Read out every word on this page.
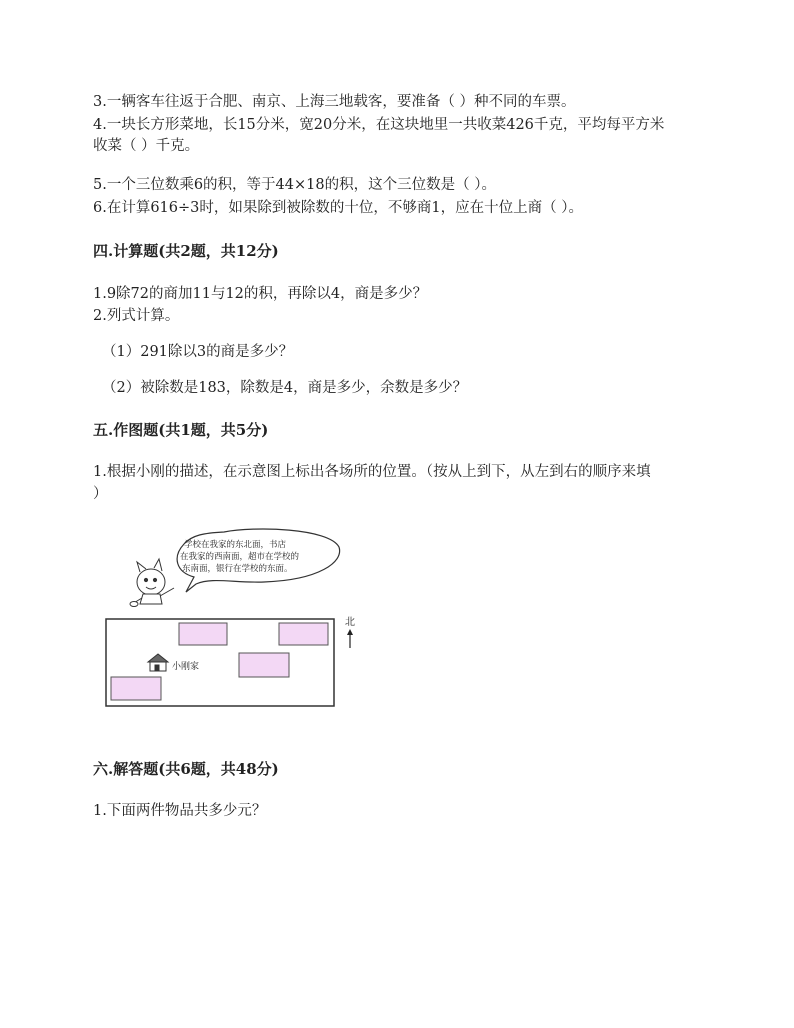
3.一辆客车往返于合肥、南京、上海三地载客，要准备（ ）种不同的车票。
4.一块长方形菜地，长15分米，宽20分米，在这块地里一共收菜426千克，平均每平方米
收菜（ ）千克。
5.一个三位数乘6的积，等于44×18的积，这个三位数是（ ）。
6.在计算616÷3时，如果除到被除数的十位，不够商1，应在十位上商（ ）。
四.计算题(共2题，共12分)
1.9除72的商加11与12的积，再除以4，商是多少？
2.列式计算。
（1）291除以3的商是多少？
（2）被除数是183，除数是4，商是多少，余数是多少？
五.作图题(共1题，共5分)
1.根据小刚的描述，在示意图上标出各场所的位置。（按从上到下，从左到右的顺序来填
）
学校在我家的东北面，书店
在我家的西南面，超市在学校的
东南面，银行在学校的东面。
小刚家
北
六.解答题(共6题，共48分)
1.下面两件物品共多少元？
